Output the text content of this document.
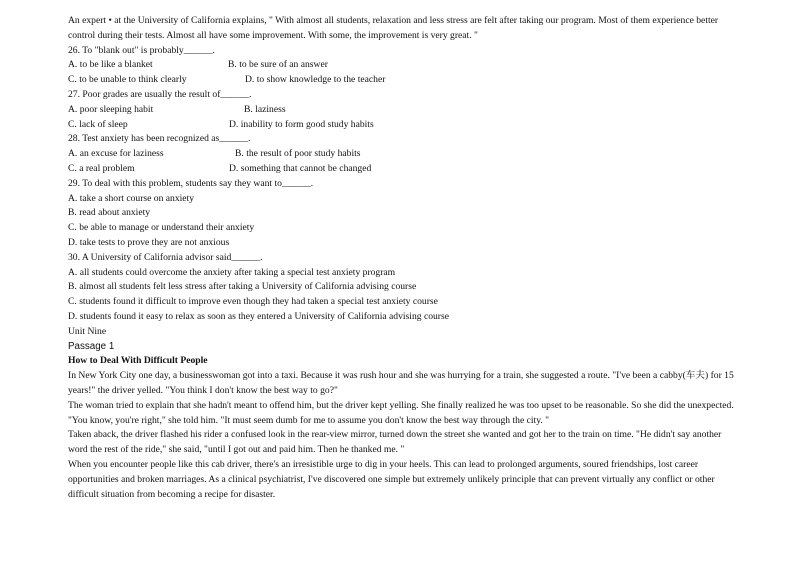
An expert • at the University of California explains, " With almost all students, relaxation and less stress are felt after taking our program. Most of them experience better control during their tests. Almost all have some improvement. With some, the improvement is very great. "
26. To "blank out" is probably______.
A. to be like a blanket	B. to be sure of an answer
C. to be unable to think clearly	D. to show knowledge to the teacher
27. Poor grades are usually the result of______.
A. poor sleeping habit	B. laziness
C. lack of sleep	D. inability to form good study habits
28. Test anxiety has been recognized as______.
A. an excuse for laziness	B. the result of poor study habits
C. a real problem	D. something that cannot be changed
29. To deal with this problem, students say they want to______.
A. take a short course on anxiety
B. read about anxiety
C. be able to manage or understand their anxiety
D. take tests to prove they are not anxious
30. A University of California advisor said______.
A. all students could overcome the anxiety after taking a special test anxiety program
B. almost all students felt less stress after taking a University of California advising course
C. students found it difficult to improve even though they had taken a special test anxiety course
D. students found it easy to relax as soon as they entered a University of California advising course
Unit Nine
Passage 1
How to Deal With Difficult People
In New York City one day, a businesswoman got into a taxi. Because it was rush hour and she was hurrying for a train, she suggested a route. "I've been a cabby(车夫) for 15 years!" the driver yelled. "You think I don't know the best way to go?"
The woman tried to explain that she hadn't meant to offend him, but the driver kept yelling. She finally realized he was too upset to be reasonable. So she did the unexpected. "You know, you're right," she told him. "It must seem dumb for me to assume you don't know the best way through the city. "
Taken aback, the driver flashed his rider a confused look in the rear-view mirror, turned down the street she wanted and got her to the train on time. "He didn't say another word the rest of the ride," she said, "until I got out and paid him. Then he thanked me. "
When you encounter people like this cab driver, there's an irresistible urge to dig in your heels. This can lead to prolonged arguments, soured friendships, lost career opportunities and broken marriages. As a clinical psychiatrist, I've discovered one simple but extremely unlikely principle that can prevent virtually any conflict or other difficult situation from becoming a recipe for disaster.
